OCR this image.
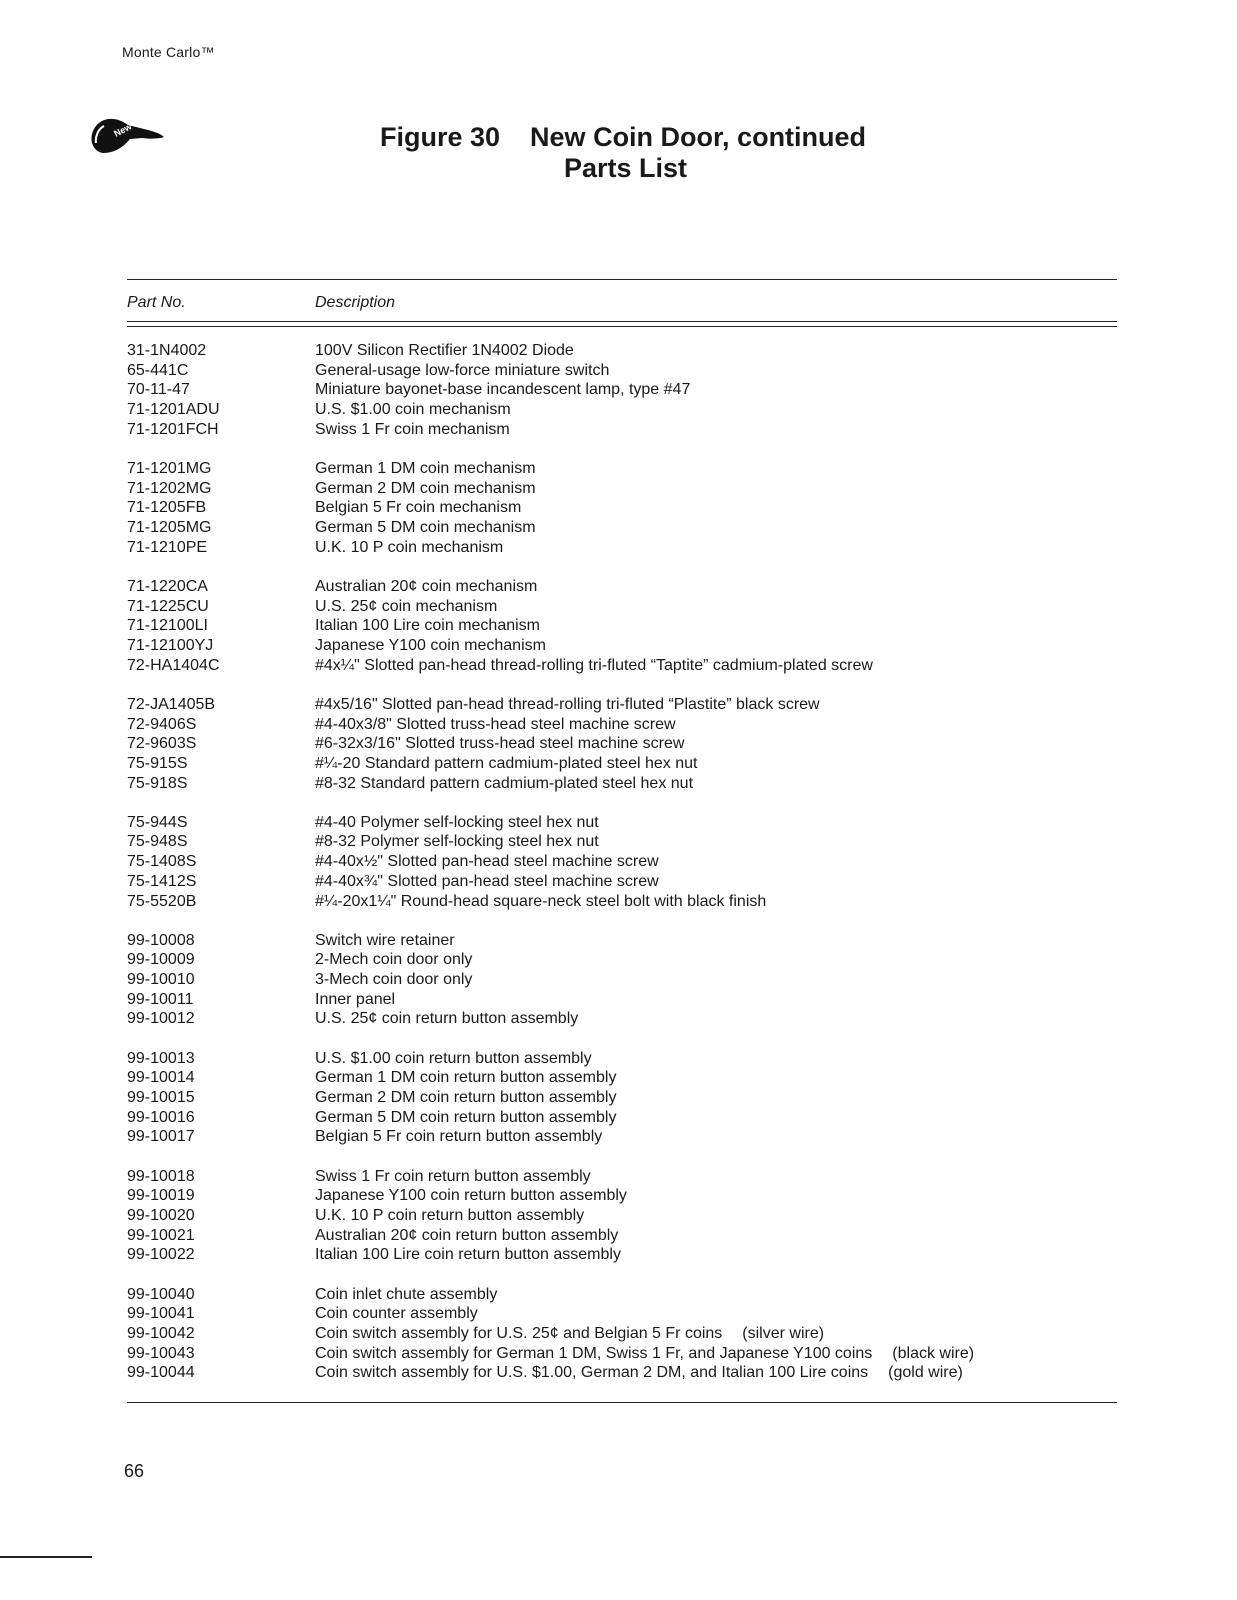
Monte Carlo™
New	Figure 30 New Coin Door, continued
Parts List
Part No.	Description
31-1N4002	100V Silicon Rectifier 1N4002 Diode
65-441C	General-usage low-force miniature switch
70-11-47	Miniature bayonet-base incandescent lamp, type #47
71-1201ADU	U.S. $1.00 coin mechanism
71-1201FCH	Swiss 1 Fr coin mechanism
71-1201MG	German 1 DM coin mechanism
71-1202MG	German 2 DM coin mechanism
71-1205FB	Belgian 5 Fr coin mechanism
71-1205MG	German 5 DM coin mechanism
71-1210PE	U.K. 10 P coin mechanism
71-1220CA	Australian 20¢ coin mechanism
71-1225CU	U.S. 25¢ coin mechanism
71-12100LI	Italian 100 Lire coin mechanism
71-12100YJ	Japanese Y100 coin mechanism
72-HA1404C	#4x¼" Slotted pan-head thread-rolling tri-fluted “Taptite” cadmium-plated screw
72-JA1405B	#4x5/16" Slotted pan-head thread-rolling tri-fluted “Plastite” black screw
72-9406S	#4-40x3/8" Slotted truss-head steel machine screw
72-9603S	#6-32x3/16" Slotted truss-head steel machine screw
75-915S	#¼-20 Standard pattern cadmium-plated steel hex nut
75-918S	#8-32 Standard pattern cadmium-plated steel hex nut
75-944S	#4-40 Polymer self-locking steel hex nut
75-948S	#8-32 Polymer self-locking steel hex nut
75-1408S	#4-40x½" Slotted pan-head steel machine screw
75-1412S	#4-40x¾" Slotted pan-head steel machine screw
75-5520B	#¼-20x1¼" Round-head square-neck steel bolt with black finish
99-10008	Switch wire retainer
99-10009	2-Mech coin door only
99-10010	3-Mech coin door only
99-10011	Inner panel
99-10012	U.S. 25¢ coin return button assembly
99-10013	U.S. $1.00 coin return button assembly
99-10014	German 1 DM coin return button assembly
99-10015	German 2 DM coin return button assembly
99-10016	German 5 DM coin return button assembly
99-10017	Belgian 5 Fr coin return button assembly
99-10018	Swiss 1 Fr coin return button assembly
99-10019	Japanese Y100 coin return button assembly
99-10020	U.K. 10 P coin return button assembly
99-10021	Australian 20¢ coin return button assembly
99-10022	Italian 100 Lire coin return button assembly
99-10040	Coin inlet chute assembly
99-10041	Coin counter assembly
99-10042	Coin switch assembly for U.S. 25¢ and Belgian 5 Fr coins (silver wire)
99-10043	Coin switch assembly for German 1 DM, Swiss 1 Fr, and Japanese Y100 coins (black wire)
99-10044	Coin switch assembly for U.S. $1.00, German 2 DM, and Italian 100 Lire coins (gold wire)
66
